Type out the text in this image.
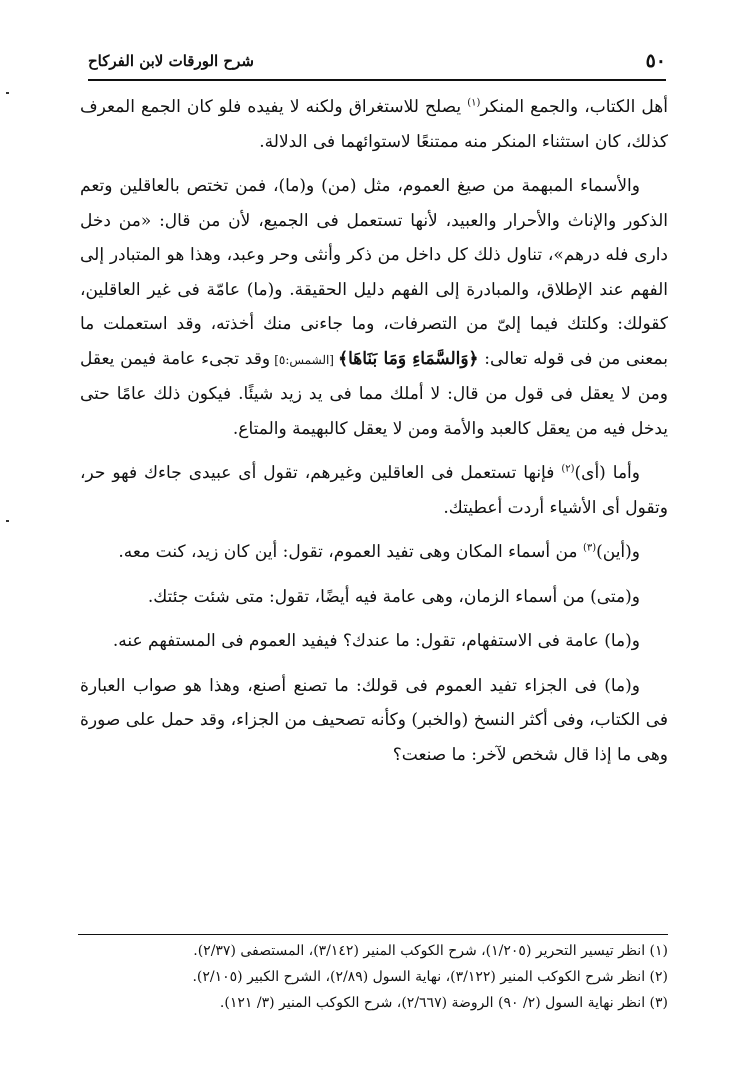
٥٠
شرح الورقات لابن الفركاح

أهل الكتاب، والجمع المنكر$^{(١)}$ يصلح للاستغراق ولكنه لا يفيده فلو كان الجمع المعرف كذلك، كان استثناء المنكر منه ممتنعًا لاستوائهما فى الدلالة.

والأسماء المبهمة من صيغ العموم، مثل (من) و(ما)، فمن تختص بالعاقلين وتعم الذكور والإناث والأحرار والعبيد، لأنها تستعمل فى الجميع، لأن من قال: «من دخل دارى فله درهم»، تناول ذلك كل داخل من ذكر وأنثى وحر وعبد، وهذا هو المتبادر إلى الفهم عند الإطلاق، والمبادرة إلى الفهم دليل الحقيقة. و(ما) عامّة فى غير العاقلين، كقولك: وكلتك فيما إلىّ من التصرفات، وما جاءنى منك أخذته، وقد استعملت ما بمعنى من فى قوله تعالى: ﴿وَالسَّمَاءِ وَمَا بَنَاهَا﴾ [الشمس:٥] وقد تجىء عامة فيمن يعقل ومن لا يعقل فى قول من قال: لا أملك مما فى يد زيد شيئًا. فيكون ذلك عامًا حتى يدخل فيه من يعقل كالعبد والأمة ومن لا يعقل كالبهيمة والمتاع.

وأما (أى)$^{(٢)}$ فإنها تستعمل فى العاقلين وغيرهم، تقول أى عبيدى جاءك فهو حر، وتقول أى الأشياء أردت أعطيتك.

و(أين)$^{(٣)}$ من أسماء المكان وهى تفيد العموم، تقول: أين كان زيد، كنت معه.

و(متى) من أسماء الزمان، وهى عامة فيه أيضًا، تقول: متى شئت جئتك.

و(ما) عامة فى الاستفهام، تقول: ما عندك؟ فيفيد العموم فى المستفهم عنه.

و(ما) فى الجزاء تفيد العموم فى قولك: ما تصنع أصنع، وهذا هو صواب العبارة فى الكتاب، وفى أكثر النسخ (والخبر) وكأنه تصحيف من الجزاء، وقد حمل على صورة وهى ما إذا قال شخص لآخر: ما صنعت؟

(١) انظر تيسير التحرير (١/٢٠٥)، شرح الكوكب المنير (٣/١٤٢)، المستصفى (٢/٣٧).
(٢) انظر شرح الكوكب المنير (٣/١٢٢)، نهاية السول (٢/٨٩)، الشرح الكبير (٢/١٠٥).
(٣) انظر نهاية السول (٢/ ٩٠) الروضة (٢/٦٦٧)، شرح الكوكب المنير (٣/ ١٢١).
